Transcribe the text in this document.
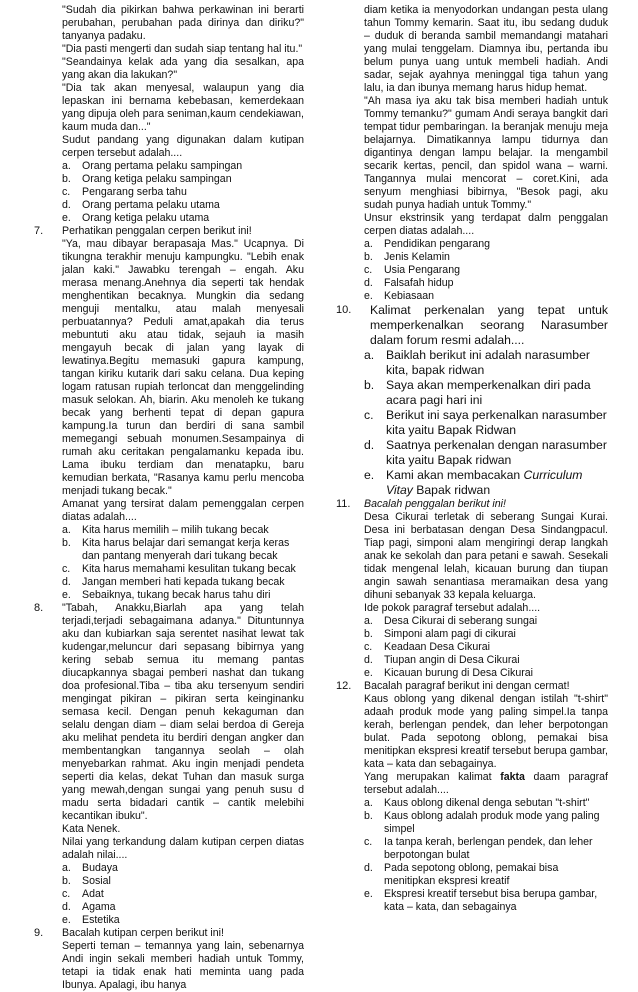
"Sudah dia pikirkan bahwa perkawinan ini berarti perubahan, perubahan pada dirinya dan diriku?" tanyanya padaku.

"Dia pasti mengerti dan sudah siap tentang hal itu."

"Seandainya kelak ada yang dia sesalkan, apa yang akan dia lakukan?"

"Dia tak akan menyesal, walaupun yang dia lepaskan ini bernama kebebasan, kemerdekaan yang dipuja oleh para seniman,kaum cendekiawan, kaum muda dan..."

Sudut pandang yang digunakan dalam kutipan cerpen tersebut adalah....

a.	Orang pertama pelaku sampingan
b.	Orang ketiga pelaku sampingan
c.	Pengarang serba tahu
d.	Orang pertama pelaku utama
e.	Orang ketiga pelaku utama
7.	Perhatikan penggalan cerpen berikut ini!

"Ya, mau dibayar berapasaja Mas." Ucapnya. Di tikungna terakhir menuju kampungku. "Lebih enak jalan kaki." Jawabku terengah – engah. Aku merasa menang.Anehnya dia seperti tak hendak menghentikan becaknya. Mungkin dia sedang menguji mentalku, atau malah menyesali perbuatannya? Peduli amat,apakah dia terus mebuntuti aku atau tidak, sejauh ia masih mengayuh becak di jalan yang layak di lewatinya.Begitu memasuki gapura kampung, tangan kiriku kutarik dari saku celana. Dua keping logam ratusan rupiah terloncat dan menggelinding masuk selokan. Ah, biarin. Aku menoleh ke tukang becak yang berhenti tepat di depan gapura kampung.Ia turun dan berdiri di sana sambil memegangi sebuah monumen.Sesampainya di rumah aku ceritakan pengalamanku kepada ibu. Lama ibuku terdiam dan menatapku, baru kemudian berkata, "Rasanya kamu perlu mencoba menjadi tukang becak."

Amanat yang tersirat dalam pemenggalan cerpen diatas adalah....

a.	Kita harus memilih – milih tukang becak
b.	Kita harus belajar dari semangat kerja keras dan pantang menyerah dari tukang becak
c.	Kita harus memahami kesulitan tukang becak
d.	Jangan memberi hati kepada tukang becak
e.	Sebaiknya, tukang becak harus tahu diri
8.	"Tabah, Anakku,Biarlah apa yang telah terjadi,terjadi sebagaimana adanya." Dituntunnya aku dan kubiarkan saja serentet nasihat lewat tak kudengar,meluncur dari sepasang bibirnya yang kering sebab semua itu memang pantas diucapkannya sbagai pemberi nashat dan tukang doa profesional.Tiba – tiba aku tersenyum sendiri mengingat pikiran – pikiran serta keinginanku semasa kecil. Dengan penuh kekaguman dan selalu dengan diam – diam selai berdoa di Gereja aku melihat pendeta itu berdiri dengan angker dan membentangkan tangannya seolah – olah menyebarkan rahmat. Aku ingin menjadi pendeta seperti dia kelas, dekat Tuhan dan masuk surga yang mewah,dengan sungai yang penuh susu d madu serta bidadari cantik – cantik melebihi kecantikan ibuku".

Kata Nenek.

Nilai yang terkandung dalam kutipan cerpen diatas adalah nilai....

a.	Budaya
b.	Sosial
c.	Adat
d.	Agama
e.	Estetika
9.	Bacalah kutipan cerpen berikut ini!

Seperti teman – temannya yang lain, sebenarnya Andi ingin sekali memberi hadiah untuk Tommy, tetapi ia tidak enak hati meminta uang pada Ibunya. Apalagi, ibu hanya

diam ketika ia menyodorkan undangan pesta ulang tahun Tommy kemarin. Saat itu, ibu sedang duduk – duduk di beranda sambil memandangi matahari yang mulai tenggelam. Diamnya ibu, pertanda ibu belum punya uang untuk membeli hadiah. Andi sadar, sejak ayahnya meninggal tiga tahun yang lalu, ia dan ibunya memang harus hidup hemat.

"Ah masa iya aku tak bisa memberi hadiah untuk Tommy temanku?" gumam Andi seraya bangkit dari tempat tidur pembaringan. Ia beranjak menuju meja belajarnya. Dimatikannya lampu tidurnya dan digantinya dengan lampu belajar. Ia mengambil secarik kertas, pencil, dan spidol wana – warni. Tangannya mulai mencorat – coret.Kini, ada senyum menghiasi bibirnya, "Besok pagi, aku sudah punya hadiah untuk Tommy."

Unsur ekstrinsik yang terdapat dalm penggalan cerpen diatas adalah....

a.	Pendidikan pengarang
b.	Jenis Kelamin
c.	Usia Pengarang
d.	Falsafah hidup
e.	Kebiasaan
10.	Kalimat perkenalan yang tepat untuk memperkenalkan seorang Narasumber dalam forum resmi adalah....
a. Baiklah berikut ini adalah narasumber kita, bapak ridwan
b. Saya akan memperkenalkan diri pada acara pagi hari ini
c.	Berikut ini saya perkenalkan narasumber kita yaitu Bapak Ridwan
d. Saatnya perkenalan dengan narasumber kita yaitu Bapak ridwan
e. Kami akan membacakan Curriculum Vitay Bapak ridwan
11.	Bacalah penggalan berikut ini!

Desa Cikurai terletak di seberang Sungai Kurai. Desa ini berbatasan dengan Desa Sindangpacul. Tiap pagi, simponi alam mengiringi derap langkah anak ke sekolah dan para petani e sawah. Sesekali tidak mengenal lelah, kicauan burung dan tiupan angin sawah senantiasa meramaikan desa yang dihuni sebanyak 33 kepala keluarga.

Ide pokok paragraf tersebut adalah....

a.	Desa Cikurai di seberang sungai
b.	Simponi alam pagi di cikurai
c.	Keadaan Desa Cikurai
d.	Tiupan angin di Desa Cikurai
e.	Kicauan burung di Desa Cikurai
12.	Bacalah paragraf berikut ini dengan cermat!

Kaus oblong yang dikenal dengan istilah "t-shirt" adaah produk mode yang paling simpel.Ia tanpa kerah, berlengan pendek, dan leher berpotongan bulat. Pada sepotong oblong, pemakai bisa menitipkan ekspresi kreatif tersebut berupa gambar, kata – kata dan sebagainya.

Yang merupakan kalimat fakta daam paragraf tersebut adalah....

a.	Kaus oblong dikenal denga sebutan "t-shirt"
b.	Kaus oblong adalah produk mode yang paling simpel
c.	Ia tanpa kerah, berlengan pendek, dan leher berpotongan bulat
d.	Pada sepotong oblong, pemakai bisa menitipkan ekspresi kreatif
e.	Ekspresi kreatif tersebut bisa berupa gambar, kata – kata, dan sebagainya
